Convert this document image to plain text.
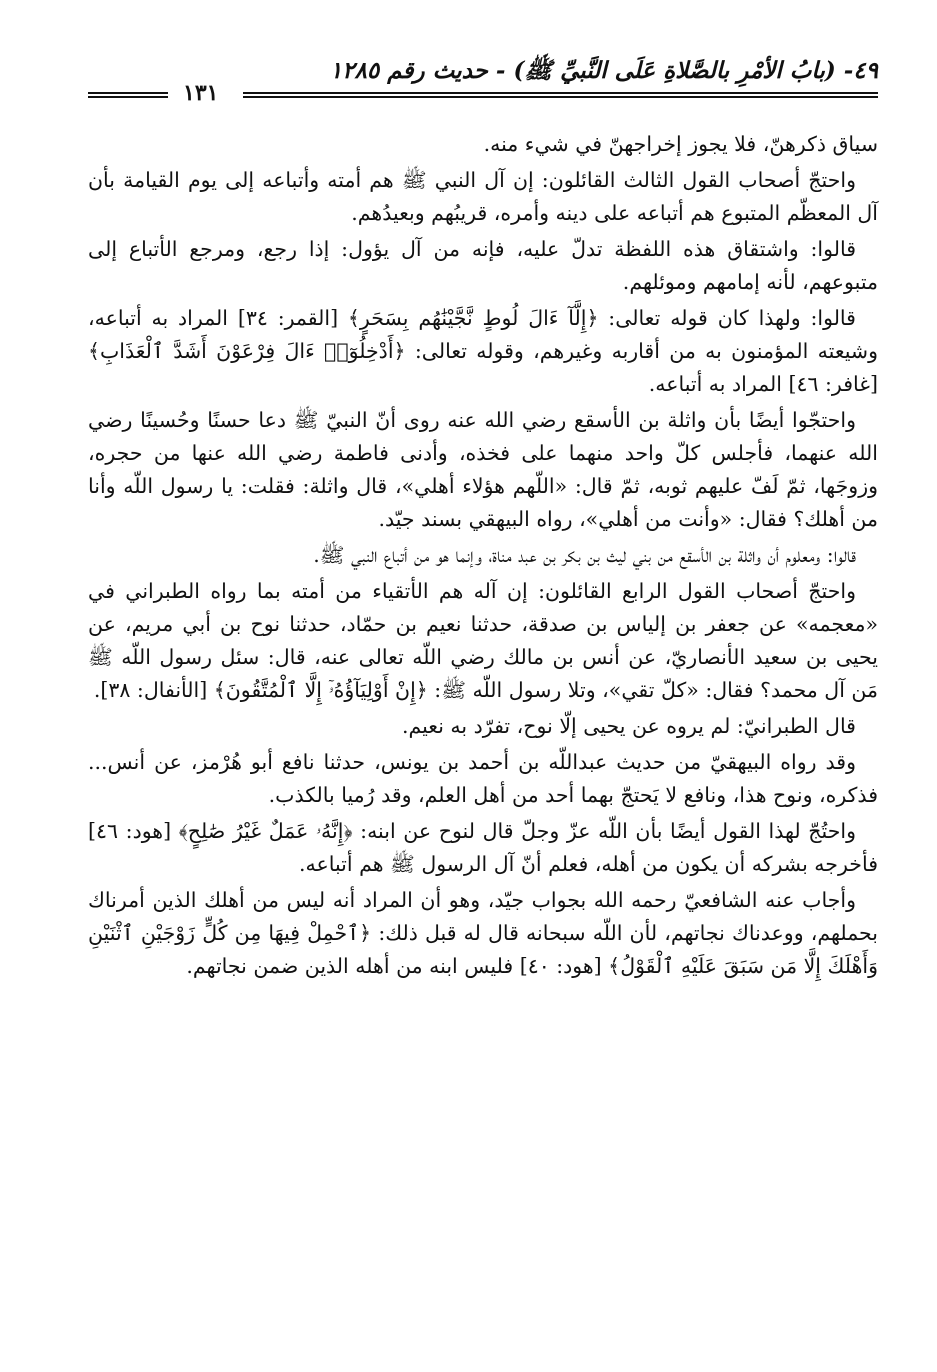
٤٩- (بابُ الأمْرِ بالصَّلاةِ عَلَى النَّبيِّ ﷺ) - حديث رقم ١٢٨٥
١٣١

سياق ذكرهنّ، فلا يجوز إخراجهنّ في شيء منه.

واحتجّ أصحاب القول الثالث القائلون: إن آل النبي ﷺ هم أمته وأتباعه إلى يوم القيامة بأن آل المعظّم المتبوع هم أتباعه على دينه وأمره، قريبُهم وبعيدُهم.

قالوا: واشتقاق هذه اللفظة تدلّ عليه، فإنه من آل يؤول: إذا رجع، ومرجع الأتباع إلى متبوعهم، لأنه إمامهم وموئلهم.

قالوا: ولهذا كان قوله تعالى: ﴿إِلَّآ ءَالَ لُوطٍ نَّجَّيْنَٰهُم بِسَحَرٍ﴾ [القمر: ٣٤] المراد به أتباعه، وشيعته المؤمنون به من أقاربه وغيرهم، وقوله تعالى: ﴿أَدْخِلُوٓا۟ ءَالَ فِرْعَوْنَ أَشَدَّ ٱلْعَذَابِ﴾ [غافر: ٤٦] المراد به أتباعه.

واحتجّوا أيضًا بأن واثلة بن الأسقع رضي الله عنه روى أنّ النبيّ ﷺ دعا حسنًا وحُسينًا رضي الله عنهما، فأجلس كلّ واحد منهما على فخذه، وأدنى فاطمة رضي الله عنها من حجره، وزوجَها، ثمّ لَفّ عليهم ثوبه، ثمّ قال: «اللّهم هؤلاء أهلي»، قال واثلة: فقلت: يا رسول اللّه وأنا من أهلك؟ فقال: «وأنت من أهلي»، رواه البيهقي بسند جيّد.

قالوا: ومعلوم أن واثلة بن الأسقع من بني ليث بن بكر بن عبد مناة، وإنما هو من أتباع النبي ﷺ.

واحتجّ أصحاب القول الرابع القائلون: إن آله هم الأتقياء من أمته بما رواه الطبراني في «معجمه» عن جعفر بن إلياس بن صدقة، حدثنا نعيم بن حمّاد، حدثنا نوح بن أبي مريم، عن يحيى بن سعيد الأنصاريّ، عن أنس بن مالك رضي اللّه تعالى عنه، قال: سئل رسول اللّه ﷺ مَن آل محمد؟ فقال: «كلّ تقي»، وتلا رسول اللّه ﷺ: ﴿إِنْ أَوْلِيَآؤُهُۥٓ إِلَّا ٱلْمُتَّقُونَ﴾ [الأنفال: ٣٨].

قال الطبرانيّ: لم يروه عن يحيى إلّا نوح، تفرّد به نعيم.

وقد رواه البيهقيّ من حديث عبداللّه بن أحمد بن يونس، حدثنا نافع أبو هُرْمز، عن أنس... فذكره، ونوح هذا، ونافع لا يَحتجّ بهما أحد من أهل العلم، وقد رُميا بالكذب.

واحتُجّ لهذا القول أيضًا بأن اللّه عزّ وجلّ قال لنوح عن ابنه: ﴿إِنَّهُۥ عَمَلٌ غَيْرُ صَٰلِحٍ﴾ [هود: ٤٦] فأخرجه بشركه أن يكون من أهله، فعلم أنّ آل الرسول ﷺ هم أتباعه.

وأجاب عنه الشافعيّ رحمه الله بجواب جيّد، وهو أن المراد أنه ليس من أهلك الذين أمرناك بحملهم، ووعدناك نجاتهم، لأن اللّه سبحانه قال له قبل ذلك: ﴿ٱحْمِلْ فِيهَا مِن كُلٍّ زَوْجَيْنِ ٱثْنَيْنِ وَأَهْلَكَ إِلَّا مَن سَبَقَ عَلَيْهِ ٱلْقَوْلُ﴾ [هود: ٤٠] فليس ابنه من أهله الذين ضمن نجاتهم.
